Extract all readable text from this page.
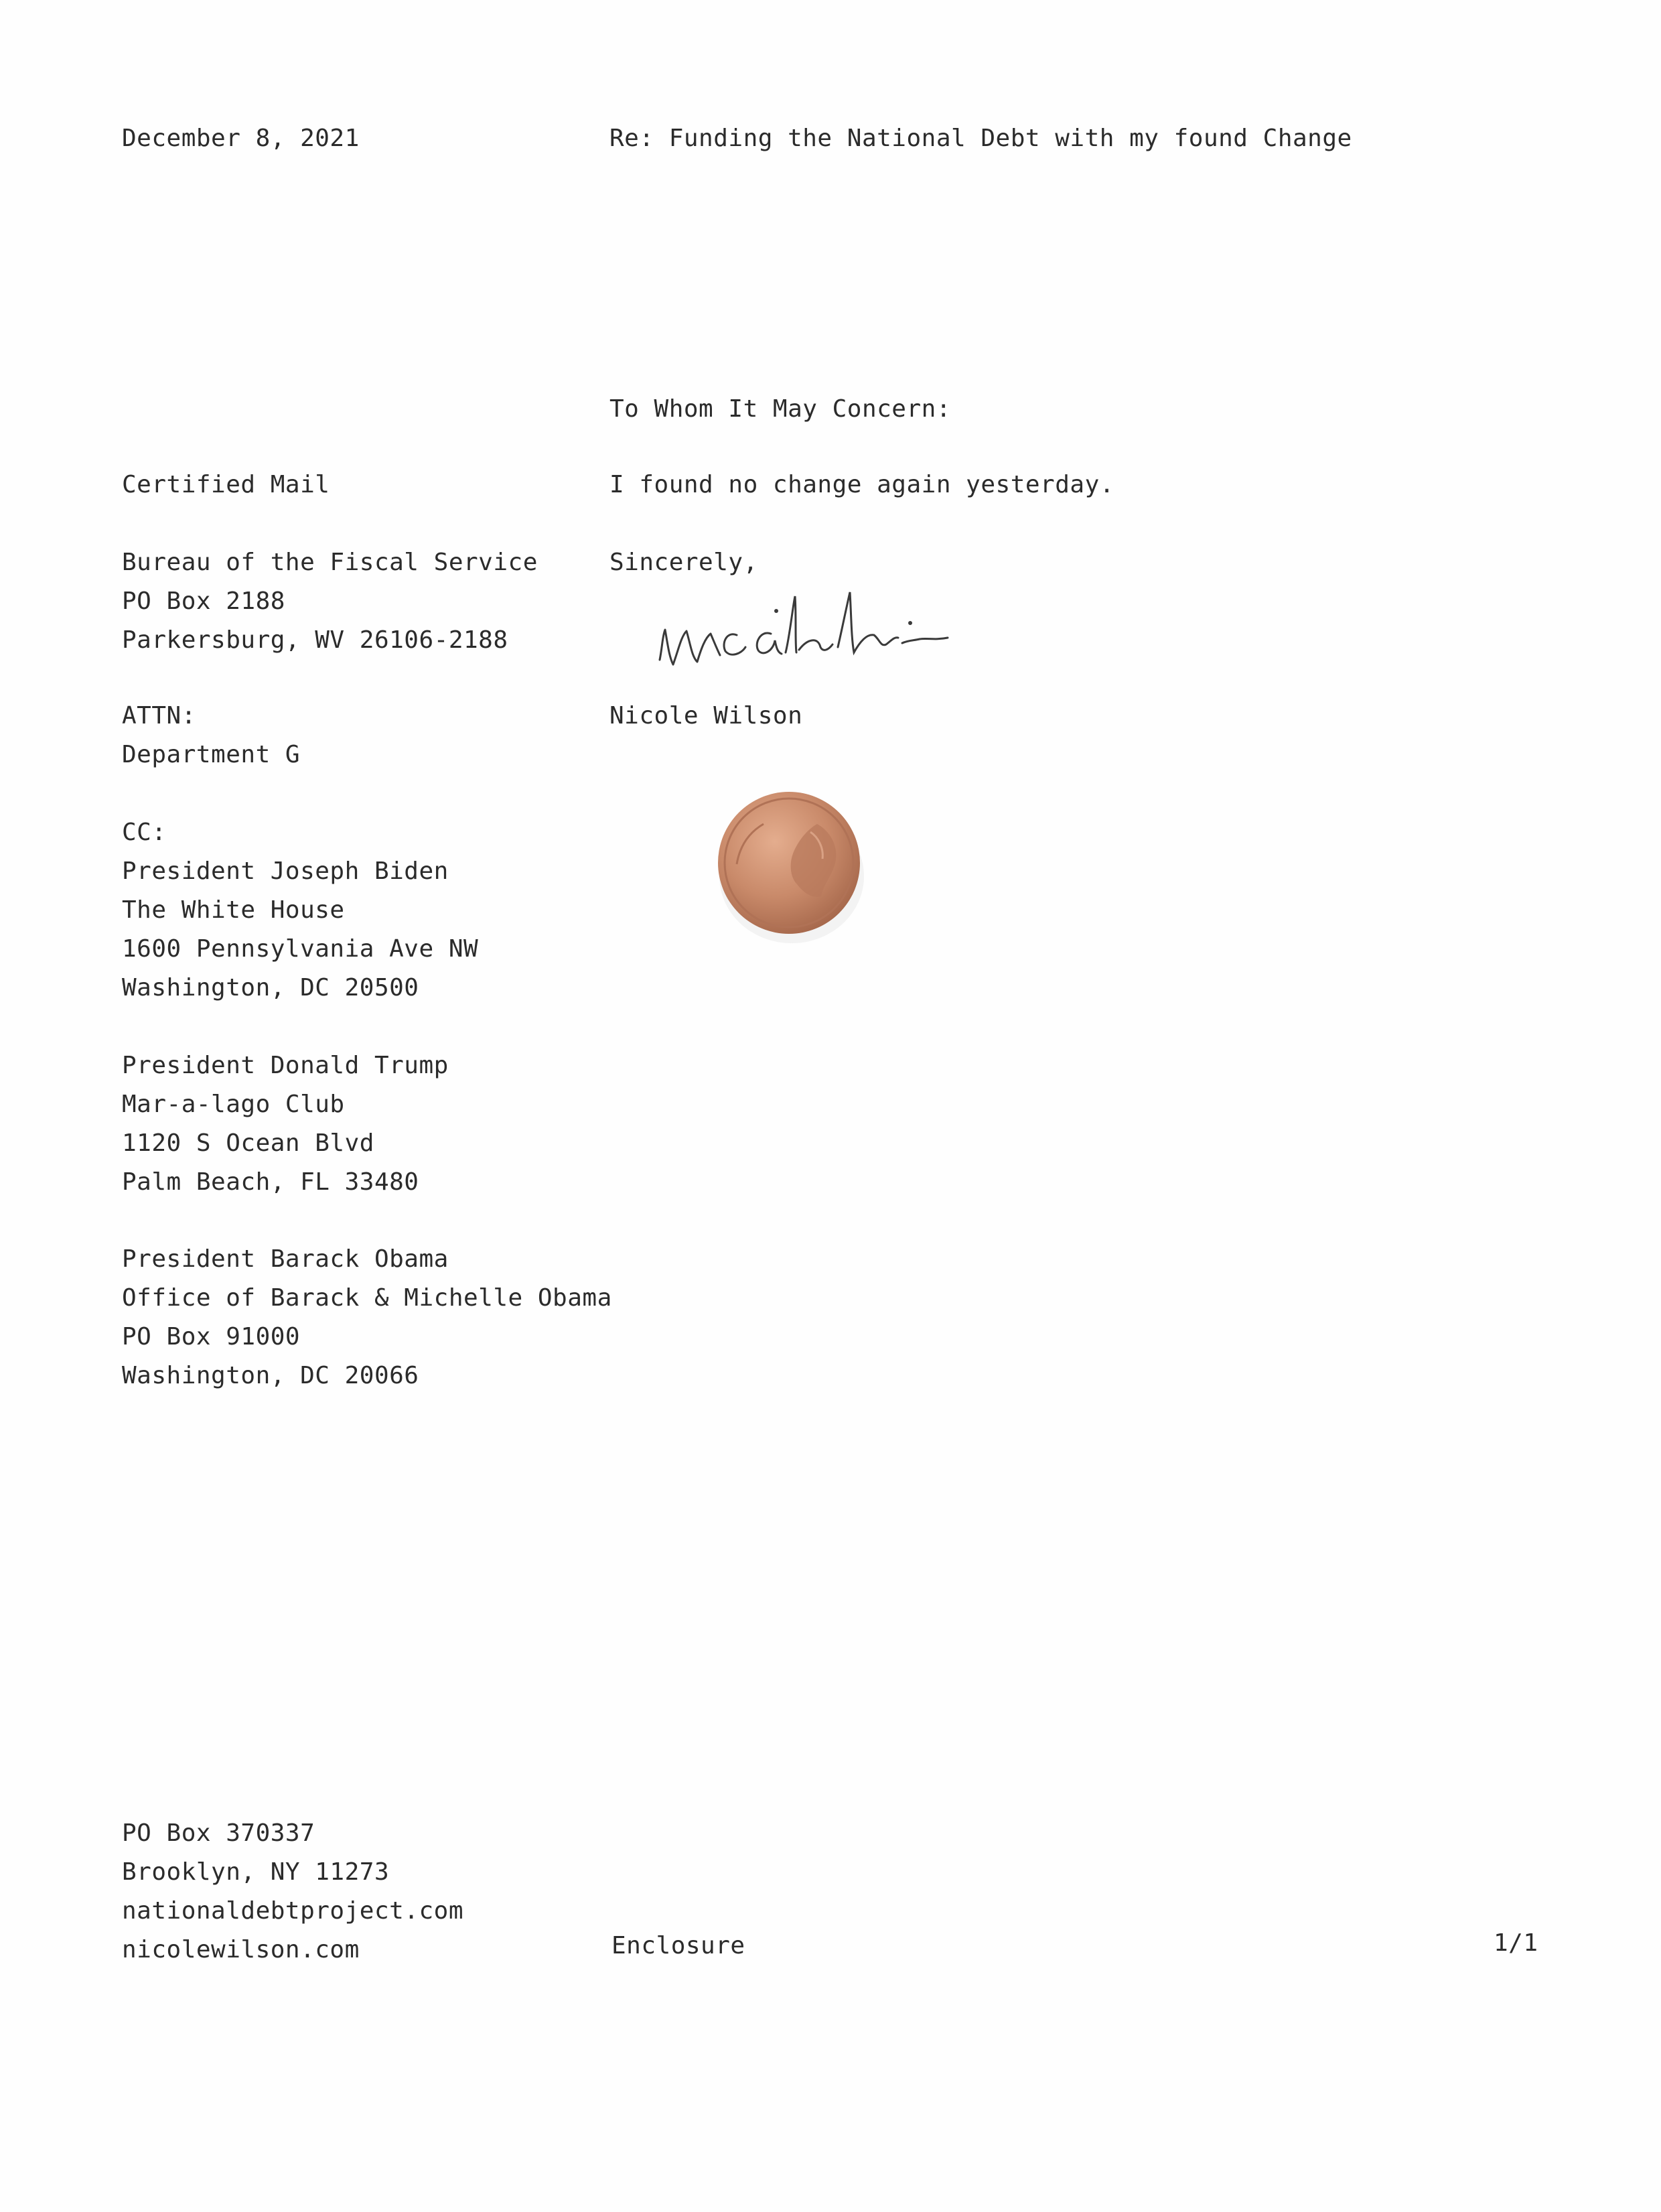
December 8, 2021	Re: Funding the National Debt with my found Change
To Whom It May Concern:
I found no change again yesterday.
Sincerely,
Nicole Wilson
Certified Mail
Bureau of the Fiscal Service
PO Box 2188
Parkersburg, WV 26106-2188
ATTN:
Department G
CC:
President Joseph Biden
The White House
1600 Pennsylvania Ave NW
Washington, DC 20500
President Donald Trump
Mar-a-lago Club
1120 S Ocean Blvd
Palm Beach, FL 33480
President Barack Obama
Office of Barack & Michelle Obama
PO Box 91000
Washington, DC 20066
PO Box 370337
Brooklyn, NY 11273
nationaldebtproject.com
nicolewilson.com	Enclosure	1/1
